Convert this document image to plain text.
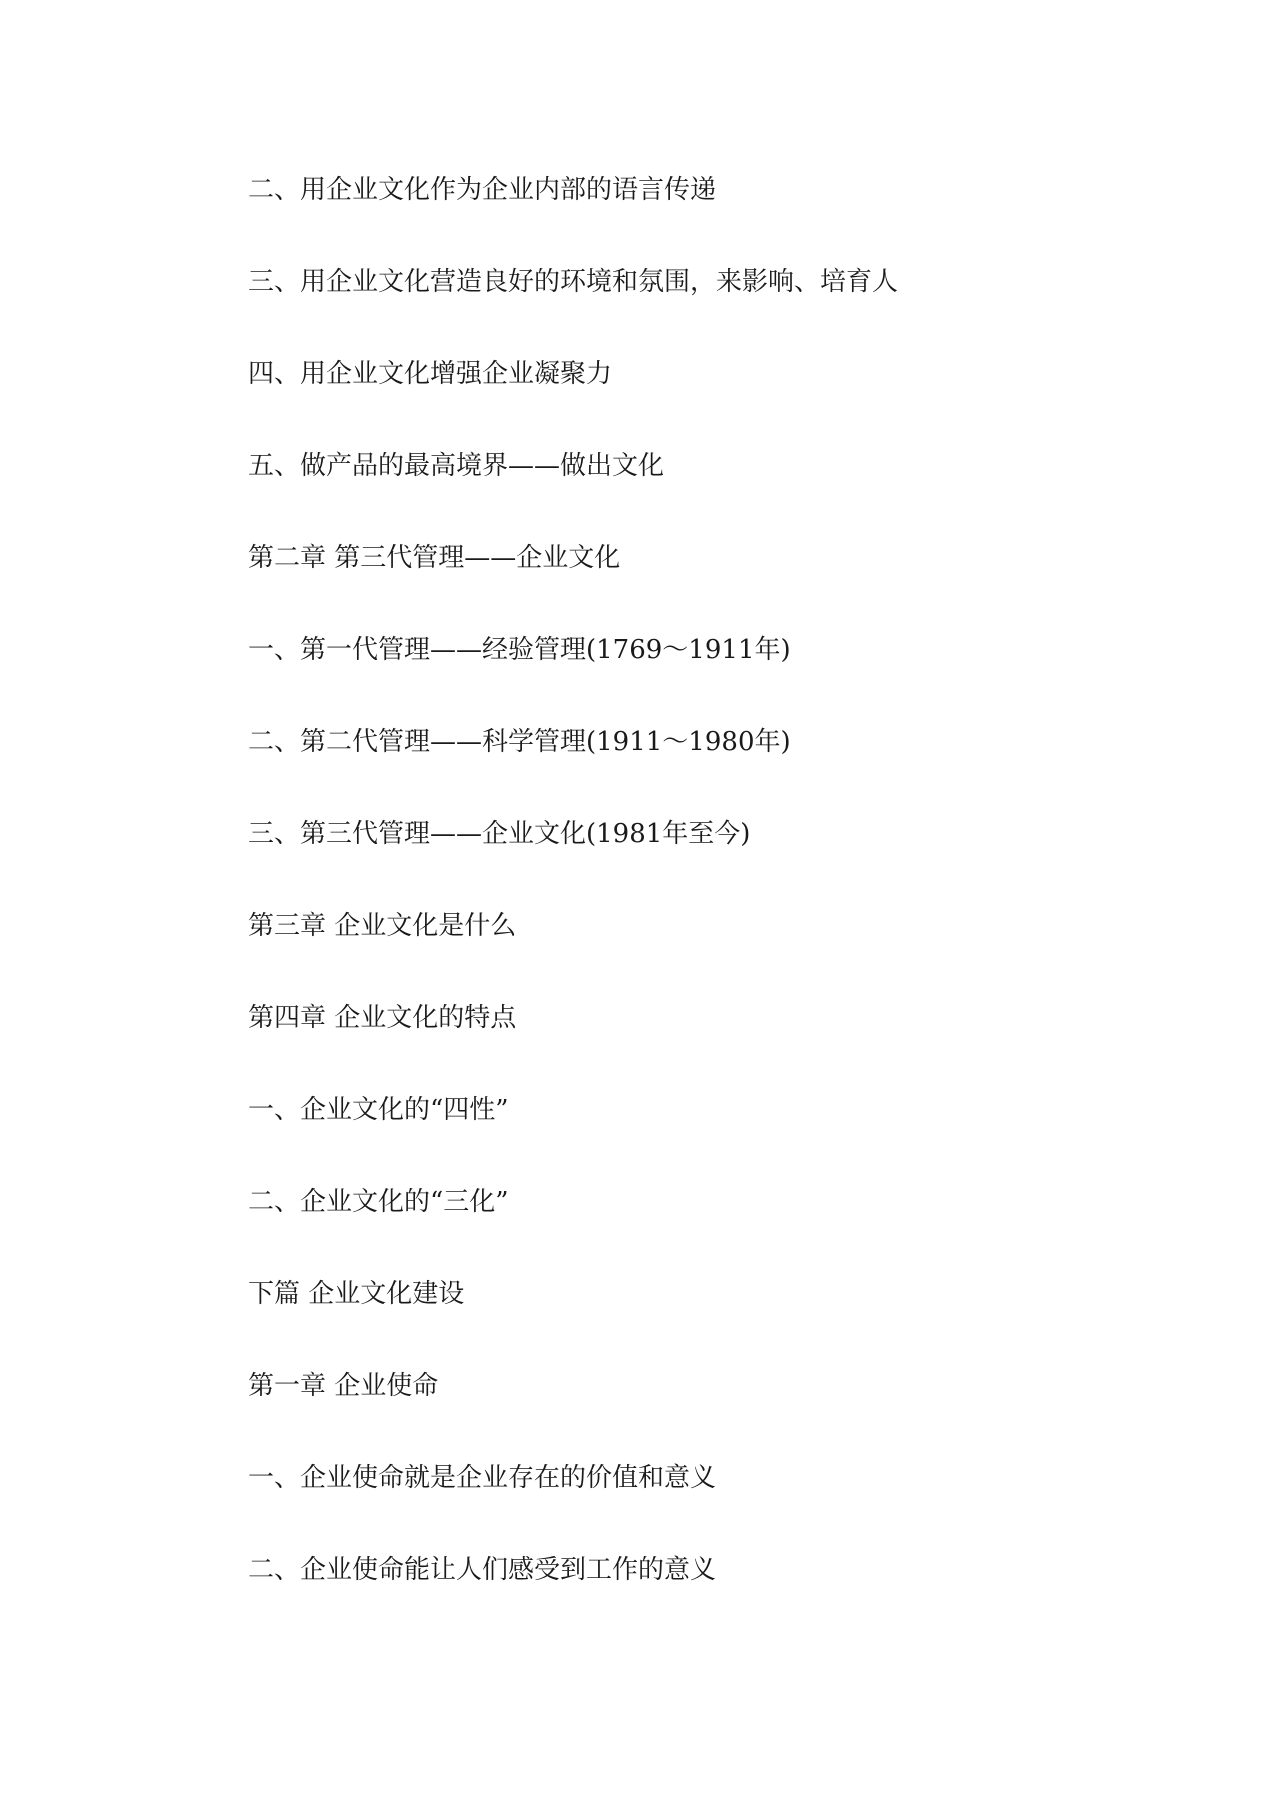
二、用企业文化作为企业内部的语言传递
三、用企业文化营造良好的环境和氛围，来影响、培育人
四、用企业文化增强企业凝聚力
五、做产品的最高境界——做出文化
第二章 第三代管理——企业文化
一、第一代管理——经验管理(1769～1911年)
二、第二代管理——科学管理(1911～1980年)
三、第三代管理——企业文化(1981年至今)
第三章 企业文化是什么
第四章 企业文化的特点
一、企业文化的“四性”
二、企业文化的“三化”
下篇 企业文化建设
第一章 企业使命
一、企业使命就是企业存在的价值和意义
二、企业使命能让人们感受到工作的意义
